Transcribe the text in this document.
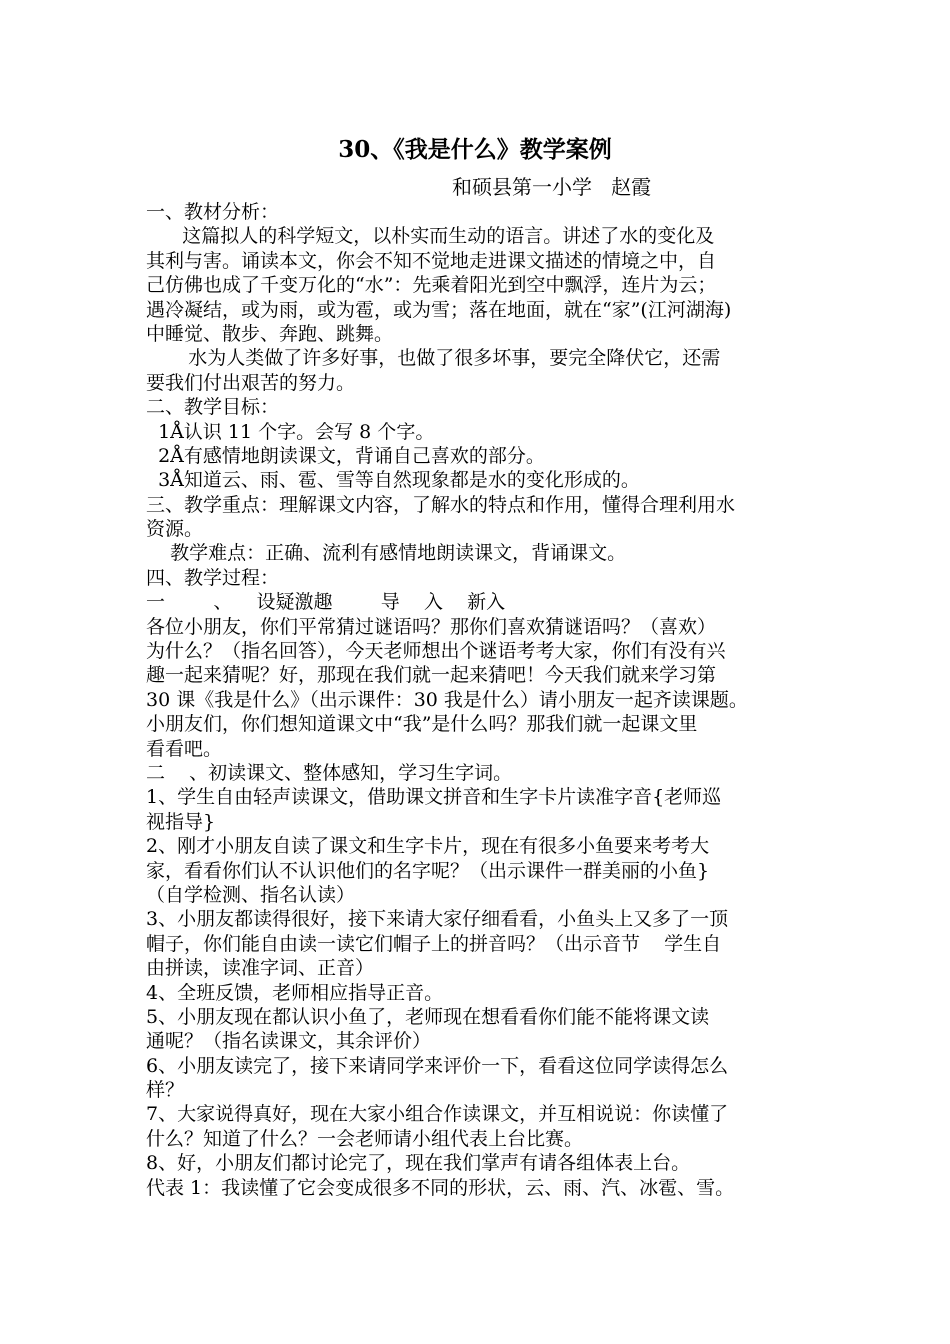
30、《我是什么》教学案例
和硕县第一小学   赵霞
一、教材分析：
这篇拟人的科学短文，以朴实而生动的语言。讲述了水的变化及
其利与害。诵读本文，你会不知不觉地走进课文描述的情境之中，自
己仿佛也成了千变万化的“水”：先乘着阳光到空中飘浮，连片为云；
遇冷凝结，或为雨，或为雹，或为雪；落在地面，就在“家”(江河湖海)
中睡觉、散步、奔跑、跳舞。
水为人类做了许多好事，也做了很多坏事，要完全降伏它，还需
要我们付出艰苦的努力。
二、教学目标：
1Å认识 11 个字。会写 8 个字。
2Å有感情地朗读课文，背诵自己喜欢的部分。
3Å知道云、雨、雹、雪等自然现象都是水的变化形成的。
三、教学重点：理解课文内容，了解水的特点和作用，懂得合理利用水
资源。
教学难点：正确、流利有感情地朗读课文，背诵课文。
四、教学过程：
一        、    设疑激趣        导    入    新入
各位小朋友，你们平常猜过谜语吗？那你们喜欢猜谜语吗？（喜欢）
为什么？（指名回答），今天老师想出个谜语考考大家，你们有没有兴
趣一起来猜呢？好，那现在我们就一起来猜吧！今天我们就来学习第
30 课《我是什么》（出示课件：30 我是什么）请小朋友一起齐读课题。
小朋友们，你们想知道课文中“我”是什么吗？那我们就一起课文里
看看吧。
二    、初读课文、整体感知，学习生字词。
1、学生自由轻声读课文，借助课文拼音和生字卡片读准字音{老师巡
视指导}
2、刚才小朋友自读了课文和生字卡片，现在有很多小鱼要来考考大
家，看看你们认不认识他们的名字呢？（出示课件一群美丽的小鱼}
（自学检测、指名认读）
3、小朋友都读得很好，接下来请大家仔细看看，小鱼头上又多了一顶
帽子，你们能自由读一读它们帽子上的拼音吗？（出示音节    学生自
由拼读，读准字词、正音）
4、全班反馈，老师相应指导正音。
5、小朋友现在都认识小鱼了，老师现在想看看你们能不能将课文读
通呢？（指名读课文，其余评价）
6、小朋友读完了，接下来请同学来评价一下，看看这位同学读得怎么
样？
7、大家说得真好，现在大家小组合作读课文，并互相说说：你读懂了
什么？知道了什么？一会老师请小组代表上台比赛。
8、好，小朋友们都讨论完了，现在我们掌声有请各组体表上台。
代表 1：我读懂了它会变成很多不同的形状，云、雨、汽、冰雹、雪。
